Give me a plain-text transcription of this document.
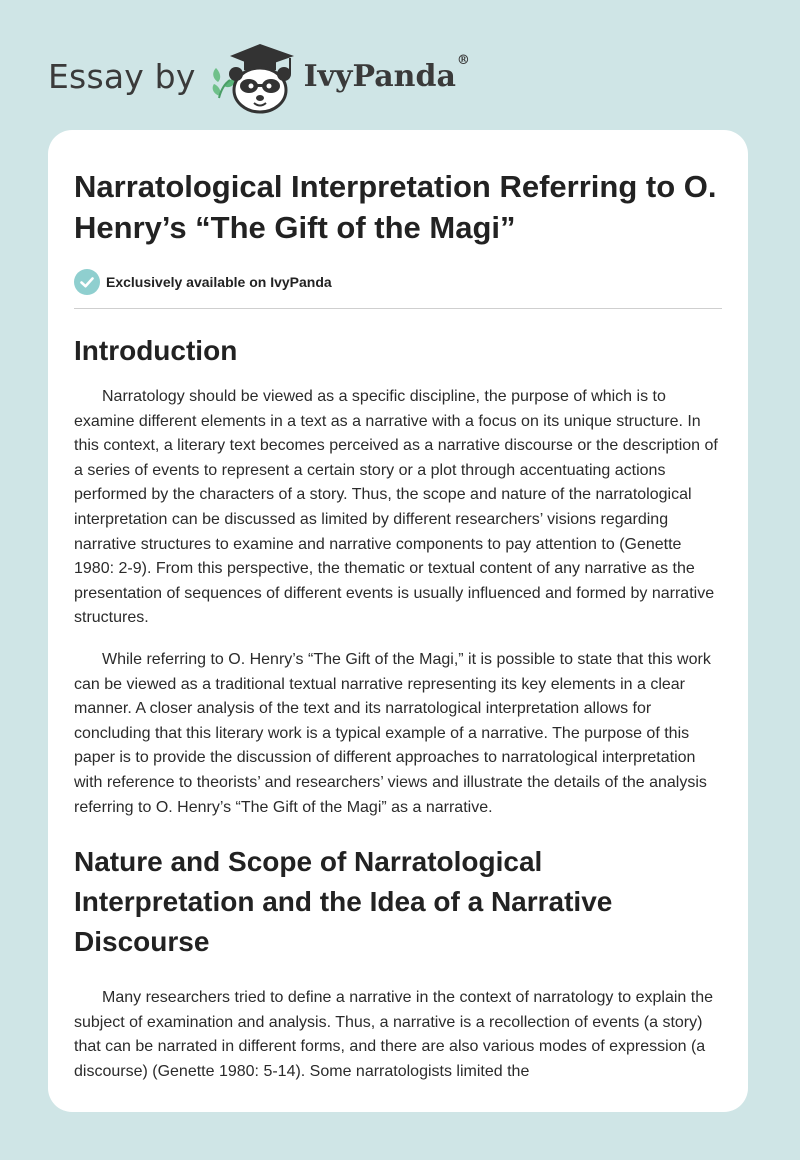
Essay by	IvyPanda®
Narratological Interpretation Referring to O. Henry’s “The Gift of the Magi”
Exclusively available on IvyPanda
Introduction

Narratology should be viewed as a specific discipline, the purpose of which is to examine different elements in a text as a narrative with a focus on its unique structure. In this context, a literary text becomes perceived as a narrative discourse or the description of a series of events to represent a certain story or a plot through accentuating actions performed by the characters of a story. Thus, the scope and nature of the narratological interpretation can be discussed as limited by different researchers’ visions regarding narrative structures to examine and narrative components to pay attention to (Genette 1980: 2-9). From this perspective, the thematic or textual content of any narrative as the presentation of sequences of different events is usually influenced and formed by narrative structures.

While referring to O. Henry’s “The Gift of the Magi,” it is possible to state that this work can be viewed as a traditional textual narrative representing its key elements in a clear manner. A closer analysis of the text and its narratological interpretation allows for concluding that this literary work is a typical example of a narrative. The purpose of this paper is to provide the discussion of different approaches to narratological interpretation with reference to theorists’ and researchers’ views and illustrate the details of the analysis referring to O. Henry’s “The Gift of the Magi” as a narrative.

Nature and Scope of Narratological Interpretation and the Idea of a Narrative Discourse

Many researchers tried to define a narrative in the context of narratology to explain the subject of examination and analysis. Thus, a narrative is a recollection of events (a story) that can be narrated in different forms, and there are also various modes of expression (a discourse) (Genette 1980: 5-14). Some narratologists limited the
